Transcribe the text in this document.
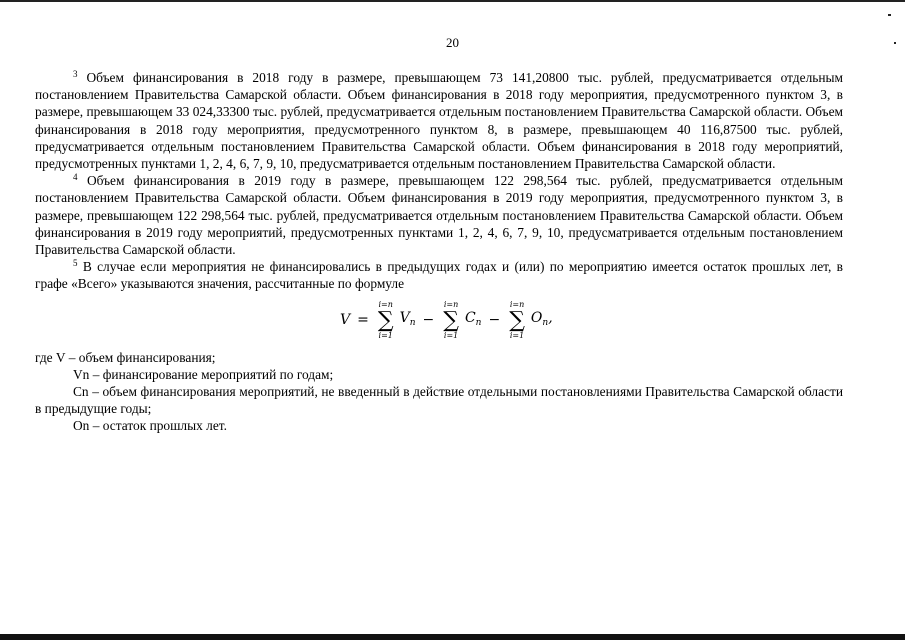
20

$^3$ Объем финансирования в 2018 году в размере, превышающем 73 141,20800 тыс. рублей, предусматривается отдельным постановлением Правительства Самарской области. Объем финансирования в 2018 году мероприятия, предусмотренного пунктом 3, в размере, превышающем 33 024,33300 тыс. рублей, предусматривается отдельным постановлением Правительства Самарской области. Объем финансирования в 2018 году мероприятия, предусмотренного пунктом 8, в размере, превышающем 40 116,87500 тыс. рублей, предусматривается отдельным постановлением Правительства Самарской области. Объем финансирования в 2018 году мероприятий, предусмотренных пунктами 1, 2, 4, 6, 7, 9, 10, предусматривается отдельным постановлением Правительства Самарской области.

$^4$ Объем финансирования в 2019 году в размере, превышающем 122 298,564 тыс. рублей, предусматривается отдельным постановлением Правительства Самарской области. Объем финансирования в 2019 году мероприятия, предусмотренного пунктом 3, в размере, превышающем 122 298,564 тыс. рублей, предусматривается отдельным постановлением Правительства Самарской области. Объем финансирования в 2019 году мероприятий, предусмотренных пунктами 1, 2, 4, 6, 7, 9, 10, предусматривается отдельным постановлением Правительства Самарской области.

$^5$ В случае если мероприятия не финансировались в предыдущих годах и (или) по мероприятию имеется остаток прошлых лет, в графе «Всего» указываются значения, рассчитанные по формуле

V =
i=n
∑
i=1
$V_n$ −
i=n
∑
i=1
$C_n$ −
i=n
∑
i=1
$O_n$,

где V – объем финансирования;

Vn – финансирование мероприятий по годам;

Cn – объем финансирования мероприятий, не введенный в действие отдельными постановлениями Правительства Самарской области в предыдущие годы;

On – остаток прошлых лет.
